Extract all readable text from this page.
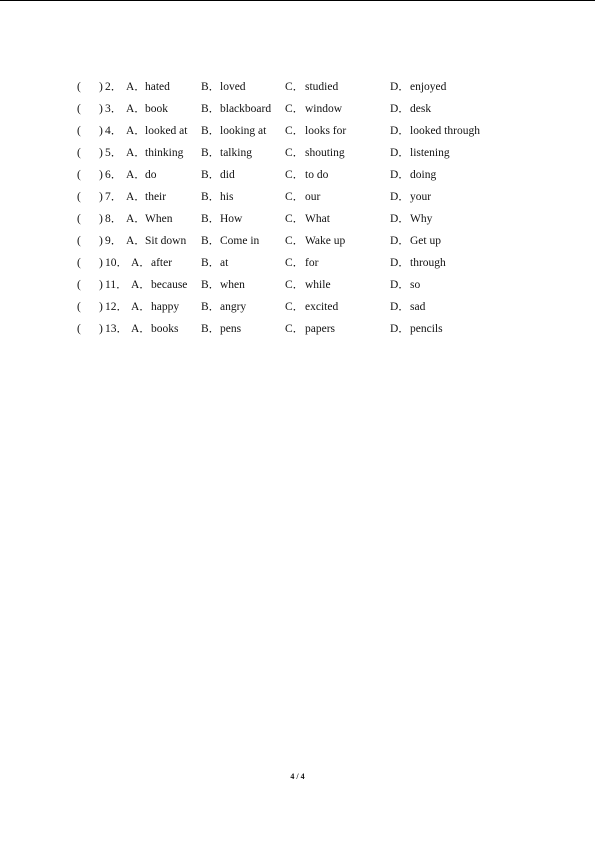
( ) 2． A． hated	B． loved	C． studied	D． enjoyed
( ) 3． A． book	B． blackboard C． window	D． desk
( ) 4． A． looked at B． looking at C． looks for	D． looked through
( ) 5． A． thinking B． talking	C． shouting	D． listening
( ) 6． A． do	B． did	C． to do	D． doing
( ) 7． A． their	B． his	C． our	D． your
( ) 8． A． When B． How	C． What	D． Why
( ) 9． A． Sit down B． Come in C． Wake up	D． Get up
( ) 10． A． after	B． at	C． for	D． through
( ) 11． A． because B． when	C． while	D． so
( ) 12． A． happy B． angry	C． excited	D． sad
( ) 13． A． books B． pens	C． papers	D． pencils
4 / 4
